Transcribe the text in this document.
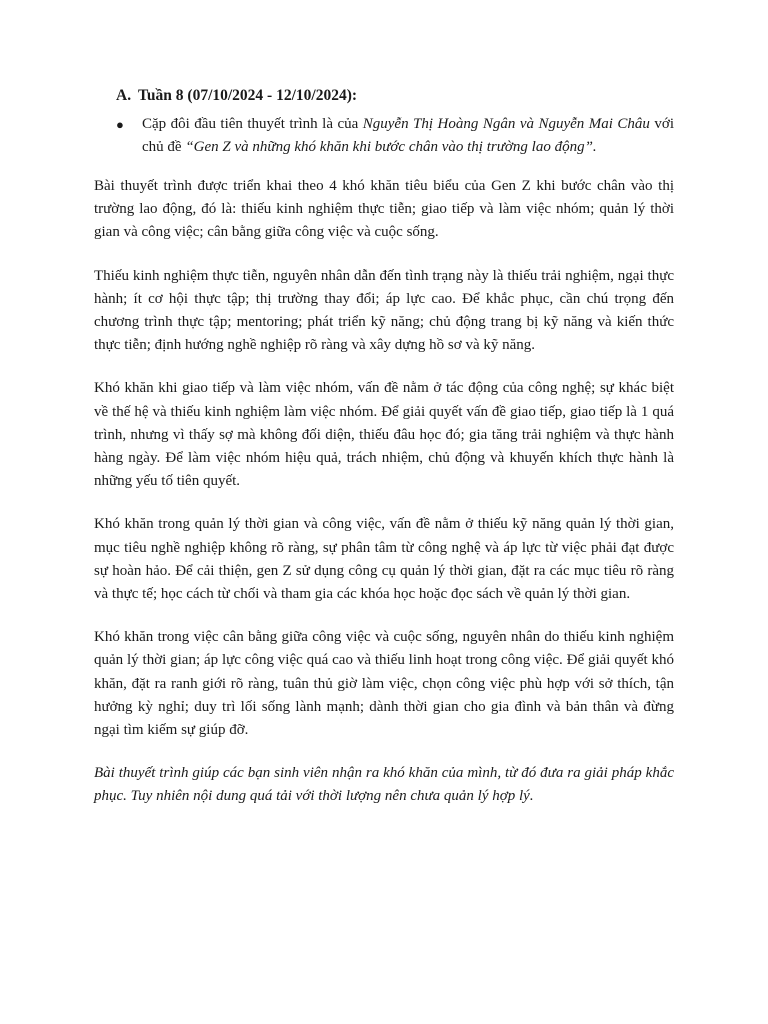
A. Tuần 8 (07/10/2024 - 12/10/2024):
●	Cặp đôi đầu tiên thuyết trình là của Nguyễn Thị Hoàng Ngân và Nguyễn Mai Châu với chủ đề “Gen Z và những khó khăn khi bước chân vào thị trường lao động”.

Bài thuyết trình được triển khai theo 4 khó khăn tiêu biểu của Gen Z khi bước chân vào thị trường lao động, đó là: thiếu kinh nghiệm thực tiễn; giao tiếp và làm việc nhóm; quản lý thời gian và công việc; cân bằng giữa công việc và cuộc sống.

Thiếu kinh nghiệm thực tiễn, nguyên nhân dẫn đến tình trạng này là thiếu trải nghiệm, ngại thực hành; ít cơ hội thực tập; thị trường thay đổi; áp lực cao. Để khắc phục, cần chú trọng đến chương trình thực tập; mentoring; phát triển kỹ năng; chủ động trang bị kỹ năng và kiến thức thực tiễn; định hướng nghề nghiệp rõ ràng và xây dựng hồ sơ và kỹ năng.

Khó khăn khi giao tiếp và làm việc nhóm, vấn đề nằm ở tác động của công nghệ; sự khác biệt về thế hệ và thiếu kinh nghiệm làm việc nhóm. Để giải quyết vấn đề giao tiếp, giao tiếp là 1 quá trình, nhưng vì thấy sợ mà không đối diện, thiếu đâu học đó; gia tăng trải nghiệm và thực hành hàng ngày. Để làm việc nhóm hiệu quả, trách nhiệm, chủ động và khuyến khích thực hành là những yếu tố tiên quyết.

Khó khăn trong quản lý thời gian và công việc, vấn đề nằm ở thiếu kỹ năng quản lý thời gian, mục tiêu nghề nghiệp không rõ ràng, sự phân tâm từ công nghệ và áp lực từ việc phải đạt được sự hoàn hảo. Để cải thiện, gen Z sử dụng công cụ quản lý thời gian, đặt ra các mục tiêu rõ ràng và thực tế; học cách từ chối và tham gia các khóa học hoặc đọc sách về quản lý thời gian.

Khó khăn trong việc cân bằng giữa công việc và cuộc sống, nguyên nhân do thiếu kinh nghiệm quản lý thời gian; áp lực công việc quá cao và thiếu linh hoạt trong công việc. Để giải quyết khó khăn, đặt ra ranh giới rõ ràng, tuân thủ giờ làm việc, chọn công việc phù hợp với sở thích, tận hưởng kỳ nghỉ; duy trì lối sống lành mạnh; dành thời gian cho gia đình và bản thân và đừng ngại tìm kiếm sự giúp đỡ.

Bài thuyết trình giúp các bạn sinh viên nhận ra khó khăn của mình, từ đó đưa ra giải pháp khắc phục. Tuy nhiên nội dung quá tải với thời lượng nên chưa quản lý hợp lý.
